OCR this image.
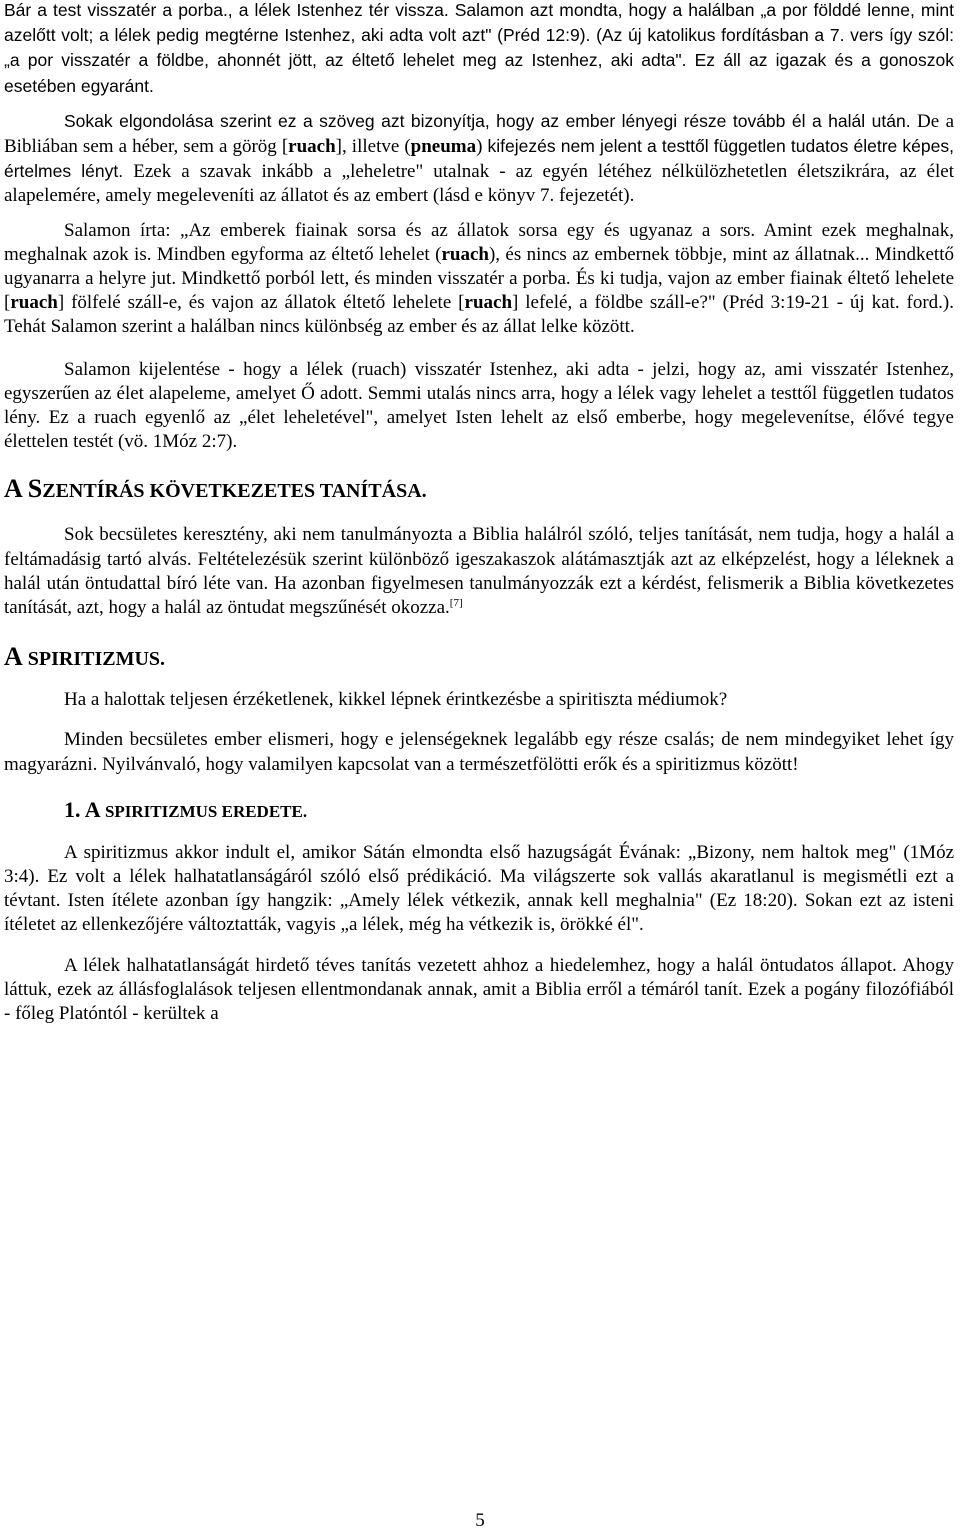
Bár a test visszatér a porba., a lélek Istenhez tér vissza. Salamon azt mondta, hogy a halálban „a por földdé lenne, mint azelőtt volt; a lélek pedig megtérne Istenhez, aki adta volt azt" (Préd 12:9). (Az új katolikus fordításban a 7. vers így szól: „a por visszatér a földbe, ahonnét jött, az éltető lehelet meg az Istenhez, aki adta". Ez áll az igazak és a gonoszok esetében egyaránt.

Sokak elgondolása szerint ez a szöveg azt bizonyítja, hogy az ember lényegi része tovább él a halál után. De a Bibliában sem a héber, sem a görög [ruach], illetve (pneuma) kifejezés nem jelent a testtől független tudatos életre képes, értelmes lényt. Ezek a szavak inkább a „leheletre" utalnak - az egyén létéhez nélkülözhetetlen életszikrára, az élet alapelemére, amely megeleveníti az állatot és az embert (lásd e könyv 7. fejezetét).

Salamon írta: „Az emberek fiainak sorsa és az állatok sorsa egy és ugyanaz a sors. Amint ezek meghalnak, meghalnak azok is. Mindben egyforma az éltető lehelet (ruach), és nincs az embernek többje, mint az állatnak... Mindkettő ugyanarra a helyre jut. Mindkettő porból lett, és minden visszatér a porba. És ki tudja, vajon az ember fiainak éltető lehelete [ruach] fölfelé száll-e, és vajon az állatok éltető lehelete [ruach] lefelé, a földbe száll-e?" (Préd 3:19-21 - új kat. ford.). Tehát Salamon szerint a halálban nincs különbség az ember és az állat lelke között.

Salamon kijelentése - hogy a lélek (ruach) visszatér Istenhez, aki adta - jelzi, hogy az, ami visszatér Istenhez, egyszerűen az élet alapeleme, amelyet Ő adott. Semmi utalás nincs arra, hogy a lélek vagy lehelet a testtől független tudatos lény. Ez a ruach egyenlő az „élet leheletével", amelyet Isten lehelt az első emberbe, hogy megelevenítse, élővé tegye élettelen testét (vö. 1Móz 2:7).

A SZENTÍRÁS KÖVETKEZETES TANÍTÁSA.

Sok becsületes keresztény, aki nem tanulmányozta a Biblia halálról szóló, teljes tanítását, nem tudja, hogy a halál a feltámadásig tartó alvás. Feltételezésük szerint különböző igeszakaszok alátámasztják azt az elképzelést, hogy a léleknek a halál után öntudattal bíró léte van. Ha azonban figyelmesen tanulmányozzák ezt a kérdést, felismerik a Biblia következetes tanítását, azt, hogy a halál az öntudat megszűnését okozza.[7]

A SPIRITIZMUS.

Ha a halottak teljesen érzéketlenek, kikkel lépnek érintkezésbe a spiritiszta médiumok?

Minden becsületes ember elismeri, hogy e jelenségeknek legalább egy része csalás; de nem mindegyiket lehet így magyarázni. Nyilvánvaló, hogy valamilyen kapcsolat van a természetfölötti erők és a spiritizmus között!

1. A SPIRITIZMUS EREDETE.

A spiritizmus akkor indult el, amikor Sátán elmondta első hazugságát Évának: „Bizony, nem haltok meg" (1Móz 3:4). Ez volt a lélek halhatatlanságáról szóló első prédikáció. Ma világszerte sok vallás akaratlanul is megismétli ezt a tévtant. Isten ítélete azonban így hangzik: „Amely lélek vétkezik, annak kell meghalnia" (Ez 18:20). Sokan ezt az isteni ítéletet az ellenkezőjére változtatták, vagyis „a lélek, még ha vétkezik is, örökké él".

A lélek halhatatlanságát hirdető téves tanítás vezetett ahhoz a hiedelemhez, hogy a halál öntudatos állapot. Ahogy láttuk, ezek az állásfoglalások teljesen ellentmondanak annak, amit a Biblia erről a témáról tanít. Ezek a pogány filozófiából - főleg Platóntól - kerültek a

5
